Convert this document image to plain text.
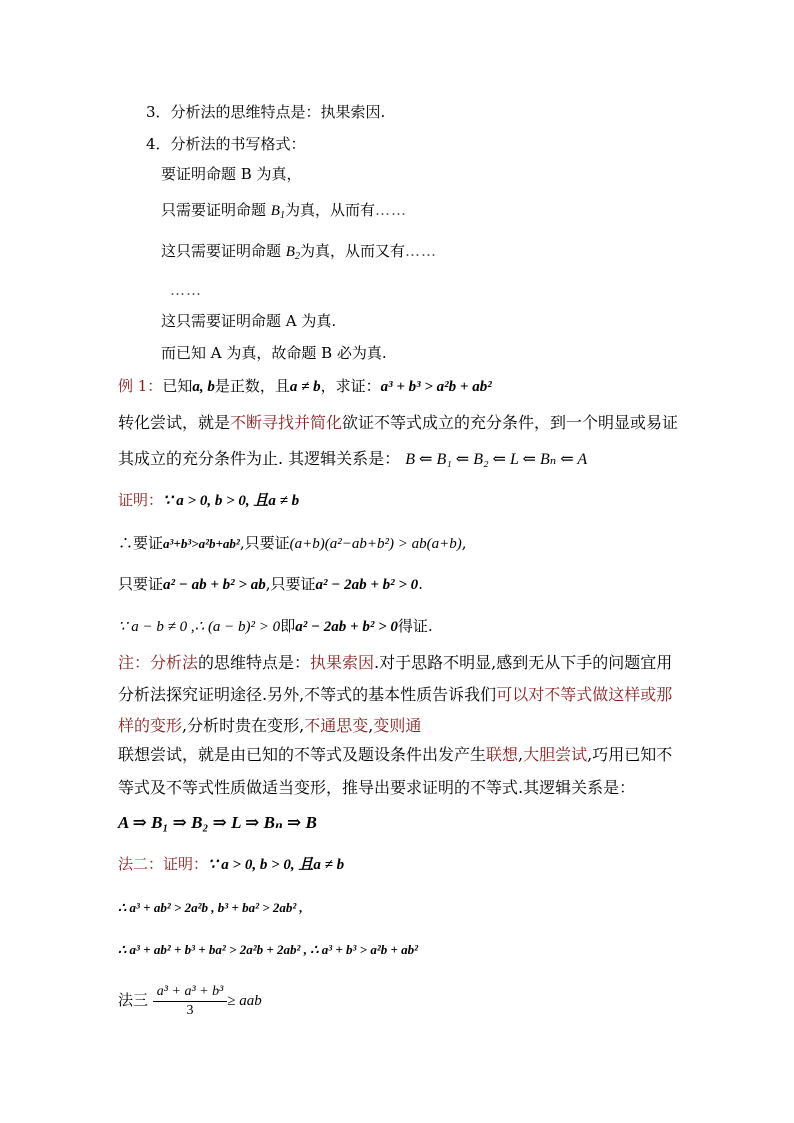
3．分析法的思维特点是：执果索因.
4．分析法的书写格式：
要证明命题 B 为真，
只需要证明命题 $B_1$为真，从而有……
这只需要证明命题 $B_2$为真，从而又有……
……
这只需要证明命题 A 为真.
而已知 A 为真，故命题 B 必为真.
例 1：已知a, b是正数，且a ≠ b，求证：a³ + b³ > a²b + ab²
转化尝试，就是不断寻找并简化欲证不等式成立的充分条件，到一个明显或易证
其成立的充分条件为止. 其逻辑关系是： B ⇐ B₁ ⇐ B₂ ⇐ L ⇐ Bₙ ⇐ A
证明：∵ a > 0, b > 0, 且a ≠ b
∴要证a³+b³>a²b+ab²,只要证(a+b)(a²−ab+b²) > ab(a+b),
只要证a² − ab + b² > ab,只要证a² − 2ab + b² > 0.
∵ a − b ≠ 0 ,∴ (a − b)² > 0即a² − 2ab + b² > 0得证.
注：分析法的思维特点是：执果索因.对于思路不明显,感到无从下手的问题宜用
分析法探究证明途径.另外,不等式的基本性质告诉我们可以对不等式做这样或那
样的变形,分析时贵在变形,不通思变,变则通
联想尝试，就是由已知的不等式及题设条件出发产生联想,大胆尝试,巧用已知不
等式及不等式性质做适当变形，推导出要求证明的不等式.其逻辑关系是：
A ⇒ B₁ ⇒ B₂ ⇒ L ⇒ Bₙ ⇒ B
法二：证明：∵ a > 0, b > 0, 且a ≠ b
∴ a³ + ab² > 2a²b , b³ + ba² > 2ab² ,
∴ a³ + ab² + b³ + ba² > 2a²b + 2ab² , ∴ a³ + b³ > a²b + ab²
法三 $\frac{\text{a³ + a³ + b³}}{3}$ ≥ aab
